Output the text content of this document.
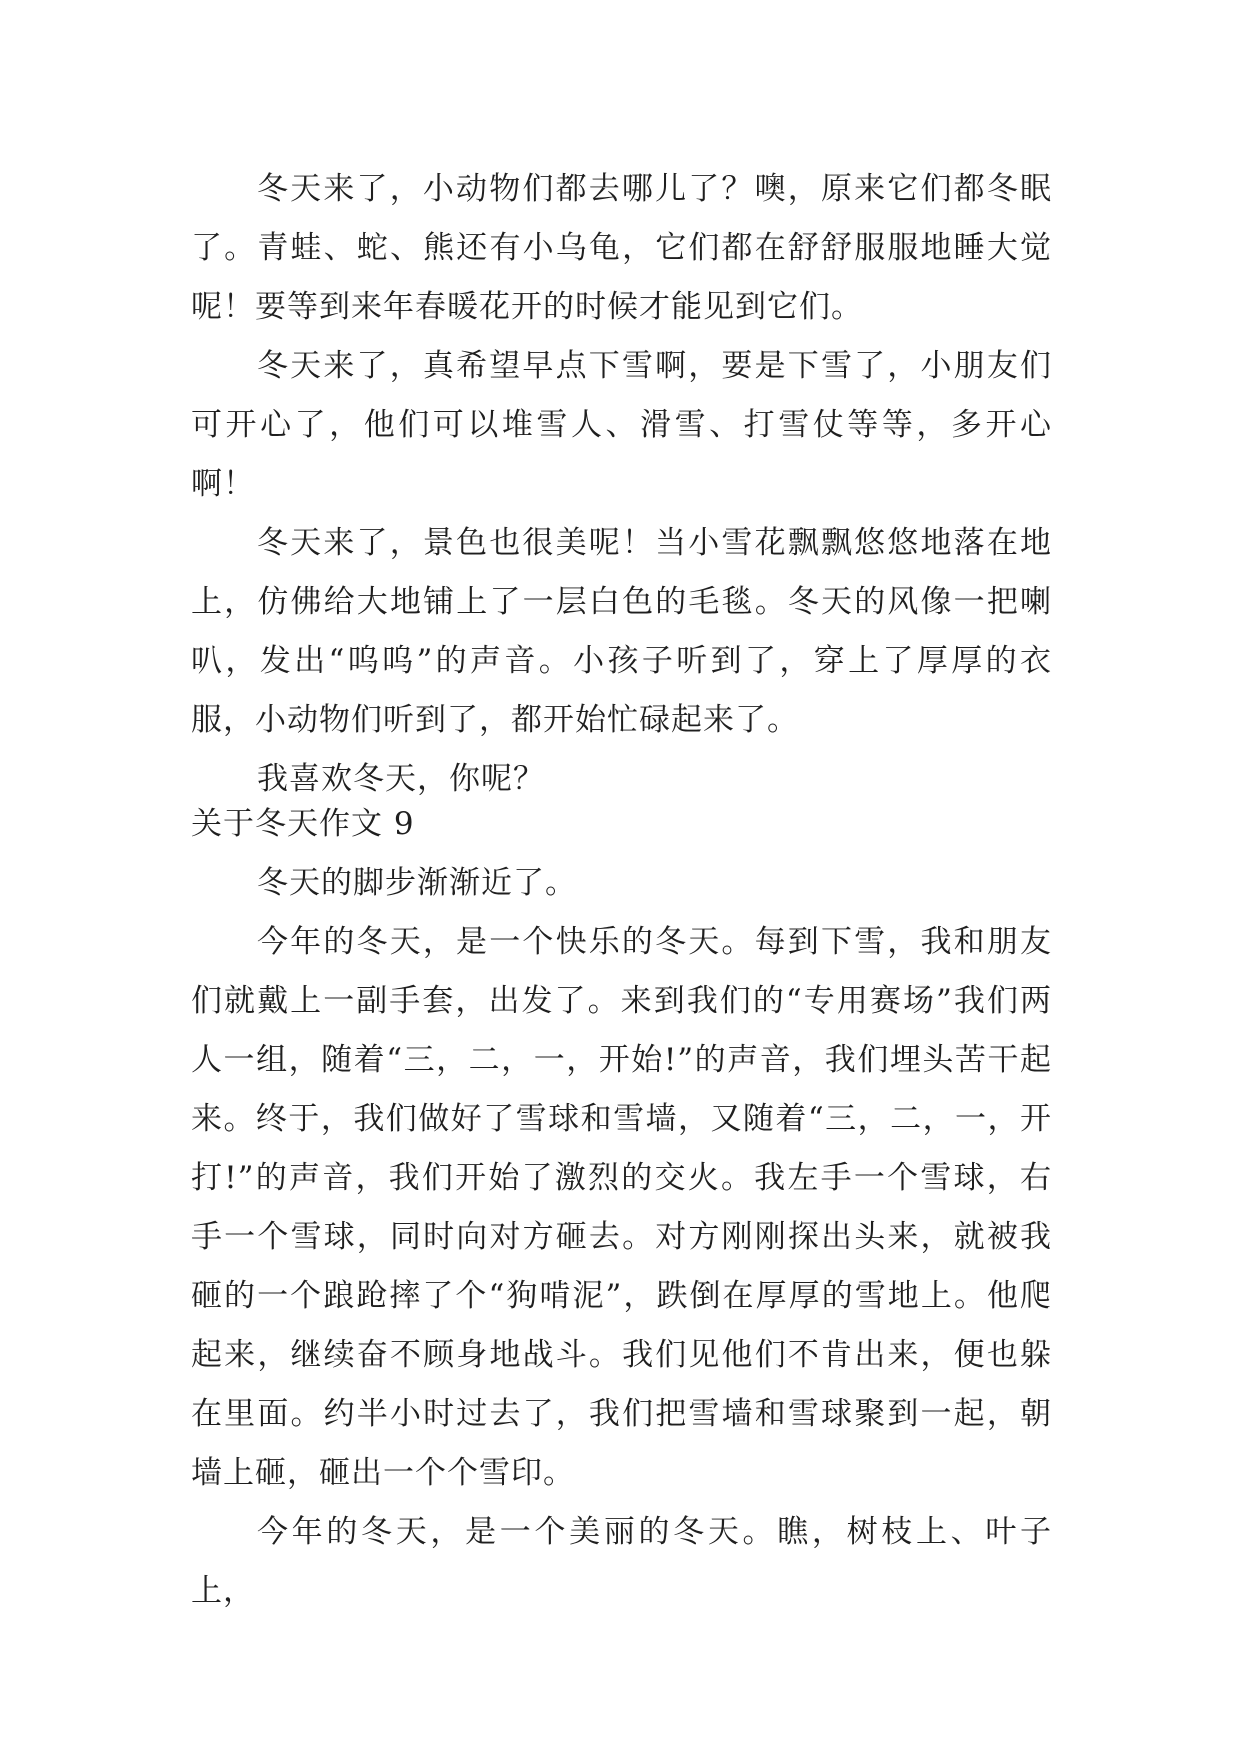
冬天来了，小动物们都去哪儿了？噢，原来它们都冬眠了。青蛙、蛇、熊还有小乌龟，它们都在舒舒服服地睡大觉呢！要等到来年春暖花开的时候才能见到它们。

冬天来了，真希望早点下雪啊，要是下雪了，小朋友们可开心了，他们可以堆雪人、滑雪、打雪仗等等，多开心啊！

冬天来了，景色也很美呢！当小雪花飘飘悠悠地落在地上，仿佛给大地铺上了一层白色的毛毯。冬天的风像一把喇叭，发出“呜呜”的声音。小孩子听到了，穿上了厚厚的衣服，小动物们听到了，都开始忙碌起来了。

我喜欢冬天，你呢？

关于冬天作文 9

冬天的脚步渐渐近了。

今年的冬天，是一个快乐的冬天。每到下雪，我和朋友们就戴上一副手套，出发了。来到我们的“专用赛场”我们两人一组，随着“三，二，一，开始!”的声音，我们埋头苦干起来。终于，我们做好了雪球和雪墙，又随着“三，二，一，开打!”的声音，我们开始了激烈的交火。我左手一个雪球，右手一个雪球，同时向对方砸去。对方刚刚探出头来，就被我砸的一个踉跄摔了个“狗啃泥”，跌倒在厚厚的雪地上。他爬起来，继续奋不顾身地战斗。我们见他们不肯出来，便也躲在里面。约半小时过去了，我们把雪墙和雪球聚到一起，朝墙上砸，砸出一个个雪印。

今年的冬天，是一个美丽的冬天。瞧，树枝上、叶子上，
